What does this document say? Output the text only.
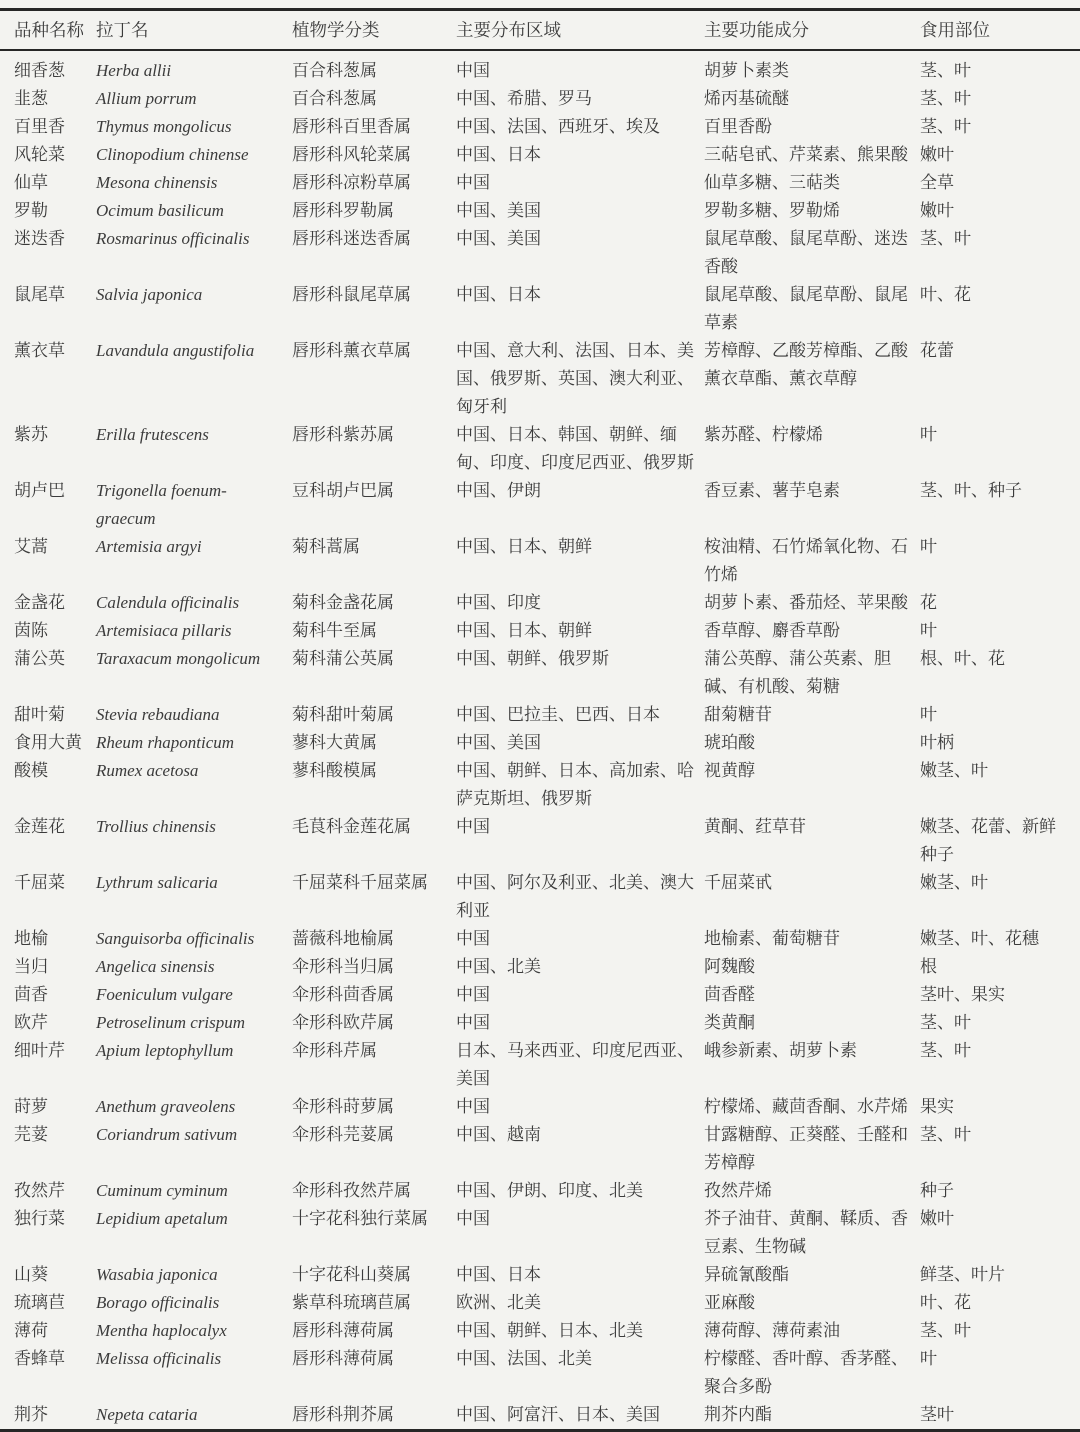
品种名称	拉丁名	植物学分类	主要分布区域	主要功能成分	食用部位
细香葱	Herba allii	百合科葱属	中国	胡萝卜素类	茎、叶
韭葱	Allium porrum	百合科葱属	中国、希腊、罗马	烯丙基硫醚	茎、叶
百里香	Thymus mongolicus	唇形科百里香属	中国、法国、西班牙、埃及	百里香酚	茎、叶
风轮菜	Clinopodium chinense	唇形科风轮菜属	中国、日本	三萜皂甙、芹菜素、熊果酸	嫩叶
仙草	Mesona chinensis	唇形科凉粉草属	中国	仙草多糖、三萜类	全草
罗勒	Ocimum basilicum	唇形科罗勒属	中国、美国	罗勒多糖、罗勒烯	嫩叶
迷迭香	Rosmarinus officinalis	唇形科迷迭香属	中国、美国	鼠尾草酸、鼠尾草酚、迷迭香酸	茎、叶
鼠尾草	Salvia japonica	唇形科鼠尾草属	中国、日本	鼠尾草酸、鼠尾草酚、鼠尾草素	叶、花
薰衣草	Lavandula angustifolia	唇形科薰衣草属	中国、意大利、法国、日本、美国、俄罗斯、英国、澳大利亚、匈牙利	芳樟醇、乙酸芳樟酯、乙酸薰衣草酯、薰衣草醇	花蕾
紫苏	Erilla frutescens	唇形科紫苏属	中国、日本、韩国、朝鲜、缅甸、印度、印度尼西亚、俄罗斯	紫苏醛、柠檬烯	叶
胡卢巴	Trigonella foenum-graecum	豆科胡卢巴属	中国、伊朗	香豆素、薯芋皂素	茎、叶、种子
艾蒿	Artemisia argyi	菊科蒿属	中国、日本、朝鲜	桉油精、石竹烯氧化物、石竹烯	叶
金盏花	Calendula officinalis	菊科金盏花属	中国、印度	胡萝卜素、番茄烃、苹果酸	花
茵陈	Artemisiaca pillaris	菊科牛至属	中国、日本、朝鲜	香草醇、麝香草酚	叶
蒲公英	Taraxacum mongolicum	菊科蒲公英属	中国、朝鲜、俄罗斯	蒲公英醇、蒲公英素、胆碱、有机酸、菊糖	根、叶、花
甜叶菊	Stevia rebaudiana	菊科甜叶菊属	中国、巴拉圭、巴西、日本	甜菊糖苷	叶
食用大黄	Rheum rhaponticum	蓼科大黄属	中国、美国	琥珀酸	叶柄
酸模	Rumex acetosa	蓼科酸模属	中国、朝鲜、日本、高加索、哈萨克斯坦、俄罗斯	视黄醇	嫩茎、叶
金莲花	Trollius chinensis	毛茛科金莲花属	中国	黄酮、荭草苷	嫩茎、花蕾、新鲜种子
千屈菜	Lythrum salicaria	千屈菜科千屈菜属	中国、阿尔及利亚、北美、澳大利亚	千屈菜甙	嫩茎、叶
地榆	Sanguisorba officinalis	蔷薇科地榆属	中国	地榆素、葡萄糖苷	嫩茎、叶、花穗
当归	Angelica sinensis	伞形科当归属	中国、北美	阿魏酸	根
茴香	Foeniculum vulgare	伞形科茴香属	中国	茴香醛	茎叶、果实
欧芹	Petroselinum crispum	伞形科欧芹属	中国	类黄酮	茎、叶
细叶芹	Apium leptophyllum	伞形科芹属	日本、马来西亚、印度尼西亚、美国	峨参新素、胡萝卜素	茎、叶
莳萝	Anethum graveolens	伞形科莳萝属	中国	柠檬烯、藏茴香酮、水芹烯	果实
芫荽	Coriandrum sativum	伞形科芫荽属	中国、越南	甘露糖醇、正葵醛、壬醛和芳樟醇	茎、叶
孜然芹	Cuminum cyminum	伞形科孜然芹属	中国、伊朗、印度、北美	孜然芹烯	种子
独行菜	Lepidium apetalum	十字花科独行菜属	中国	芥子油苷、黄酮、鞣质、香豆素、生物碱	嫩叶
山葵	Wasabia japonica	十字花科山葵属	中国、日本	异硫氰酸酯	鲜茎、叶片
琉璃苣	Borago officinalis	紫草科琉璃苣属	欧洲、北美	亚麻酸	叶、花
薄荷	Mentha haplocalyx	唇形科薄荷属	中国、朝鲜、日本、北美	薄荷醇、薄荷素油	茎、叶
香蜂草	Melissa officinalis	唇形科薄荷属	中国、法国、北美	柠檬醛、香叶醇、香茅醛、聚合多酚	叶
荆芥	Nepeta cataria	唇形科荆芥属	中国、阿富汗、日本、美国	荆芥内酯	茎叶
